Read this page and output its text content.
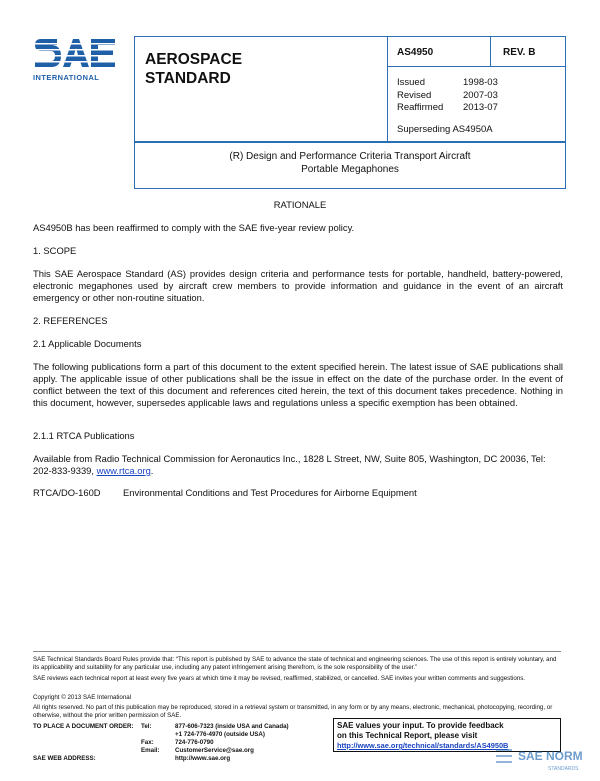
INTERNATIONAL
AEROSPACE
STANDARD
AS4950	REV. B
Issued	1998-03
Revised	2007-03
Reaffirmed	2013-07
Superseding AS4950A
(R) Design and Performance Criteria Transport Aircraft
Portable Megaphones
RATIONALE
AS4950B has been reaffirmed to comply with the SAE five-year review policy.
1. SCOPE
This SAE Aerospace Standard (AS) provides design criteria and performance tests for portable, handheld, battery-powered, electronic megaphones used by aircraft crew members to provide information and guidance in the event of an aircraft emergency or other non-routine situation.
2. REFERENCES
2.1 Applicable Documents
The following publications form a part of this document to the extent specified herein. The latest issue of SAE publications shall apply. The applicable issue of other publications shall be the issue in effect on the date of the purchase order. In the event of conflict between the text of this document and references cited herein, the text of this document takes precedence. Nothing in this document, however, supersedes applicable laws and regulations unless a specific exemption has been obtained.
2.1.1 RTCA Publications
Available from Radio Technical Commission for Aeronautics Inc., 1828 L Street, NW, Suite 805, Washington, DC 20036, Tel: 202-833-9339, www.rtca.org.
RTCA/DO-160D	Environmental Conditions and Test Procedures for Airborne Equipment
SAE Technical Standards Board Rules provide that: “This report is published by SAE to advance the state of technical and engineering sciences. The use of this report is entirely voluntary, and its applicability and suitability for any particular use, including any patent infringement arising therefrom, is the sole responsibility of the user.”
SAE reviews each technical report at least every five years at which time it may be revised, reaffirmed, stabilized, or cancelled. SAE invites your written comments and suggestions.
Copyright © 2013 SAE International
All rights reserved. No part of this publication may be reproduced, stored in a retrieval system or transmitted, in any form or by any means, electronic, mechanical, photocopying, recording, or otherwise, without the prior written permission of SAE.
TO PLACE A DOCUMENT ORDER:	Tel:	877-606-7323 (inside USA and Canada)
+1 724-776-4970 (outside USA)
Fax:	724-776-0790
Email:	CustomerService@sae.org
SAE WEB ADDRESS:	http://www.sae.org
SAE values your input. To provide feedback
on this Technical Report, please visit
http://www.sae.org/technical/standards/AS4950B
SAE NORM
STANDARDS
